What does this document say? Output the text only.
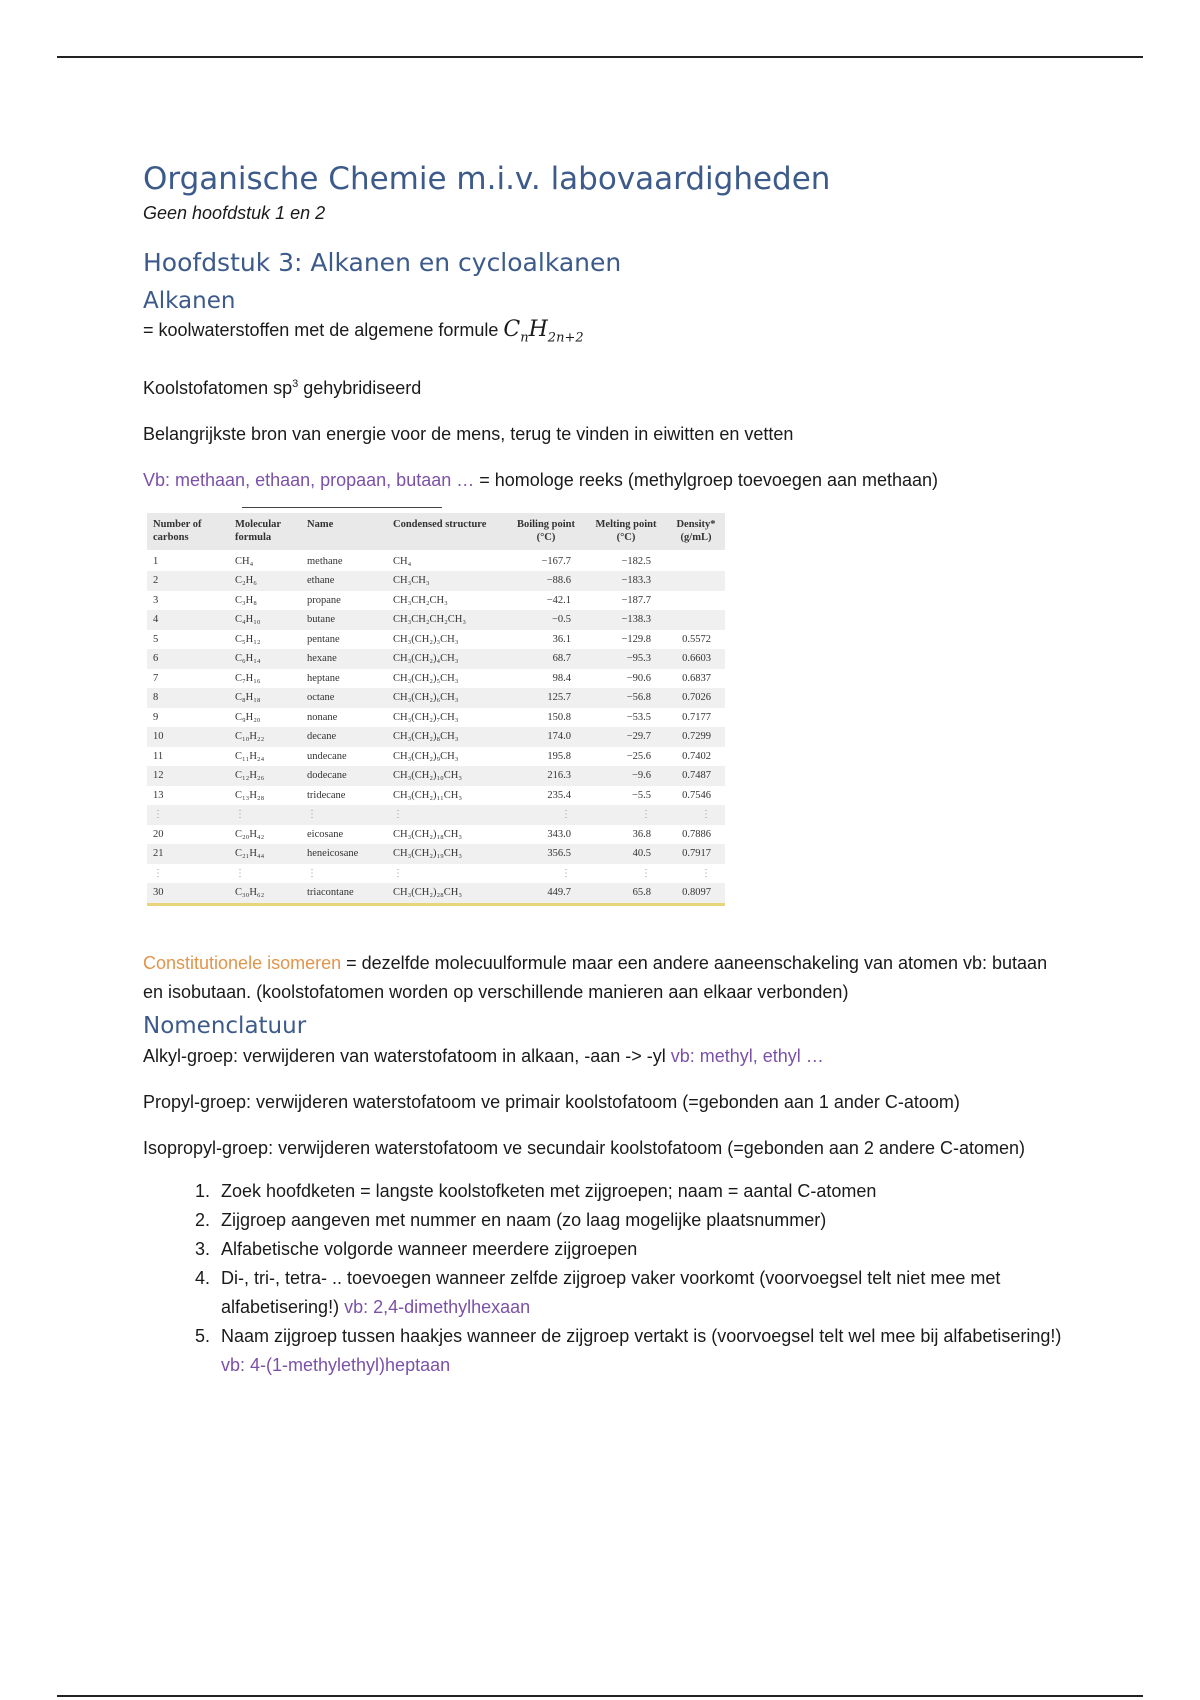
Organische Chemie m.i.v. labovaardigheden
Geen hoofdstuk 1 en 2
Hoofdstuk 3: Alkanen en cycloalkanen
Alkanen

= koolwaterstoffen met de algemene formule $C_nH_{2n+2}$

Koolstofatomen $sp^3$ gehybridiseerd

Belangrijkste bron van energie voor de mens, terug te vinden in eiwitten en vetten

Vb: methaan, ethaan, propaan, butaan … = homologe reeks (methylgroep toevoegen aan methaan)

Number of carbons	Molecular formula	Name	Condensed structure	Boiling point (°C)	Melting point (°C)	Density* (g/mL)
1	CH₄	methane	CH₄	−167.7	−182.5	
2	C₂H₆	ethane	CH₃CH₃	−88.6	−183.3	
3	C₃H₈	propane	CH₃CH₂CH₃	−42.1	−187.7	
4	C₄H₁₀	butane	CH₃CH₂CH₂CH₃	−0.5	−138.3	
5	C₅H₁₂	pentane	CH₃(CH₂)₃CH₃	36.1	−129.8	0.5572
6	C₆H₁₄	hexane	CH₃(CH₂)₄CH₃	68.7	−95.3	0.6603
7	C₇H₁₆	heptane	CH₃(CH₂)₅CH₃	98.4	−90.6	0.6837
8	C₈H₁₈	octane	CH₃(CH₂)₆CH₃	125.7	−56.8	0.7026
9	C₉H₂₀	nonane	CH₃(CH₂)₇CH₃	150.8	−53.5	0.7177
10	C₁₀H₂₂	decane	CH₃(CH₂)₈CH₃	174.0	−29.7	0.7299
11	C₁₁H₂₄	undecane	CH₃(CH₂)₉CH₃	195.8	−25.6	0.7402
12	C₁₂H₂₆	dodecane	CH₃(CH₂)₁₀CH₃	216.3	−9.6	0.7487
13	C₁₃H₂₈	tridecane	CH₃(CH₂)₁₁CH₃	235.4	−5.5	0.7546
⋮	⋮	⋮	⋮	⋮	⋮	⋮
20	C₂₀H₄₂	eicosane	CH₃(CH₂)₁₈CH₃	343.0	36.8	0.7886
21	C₂₁H₄₄	heneicosane	CH₃(CH₂)₁₉CH₃	356.5	40.5	0.7917
⋮	⋮	⋮	⋮	⋮	⋮	⋮
30	C₃₀H₆₂	triacontane	CH₃(CH₂)₂₈CH₃	449.7	65.8	0.8097

Constitutionele isomeren = dezelfde molecuulformule maar een andere aaneenschakeling van atomen vb: butaan en isobutaan. (koolstofatomen worden op verschillende manieren aan elkaar verbonden)

Nomenclatuur

Alkyl-groep: verwijderen van waterstofatoom in alkaan, -aan -> -yl vb: methyl, ethyl …

Propyl-groep: verwijderen waterstofatoom ve primair koolstofatoom (=gebonden aan 1 ander C-atoom)

Isopropyl-groep: verwijderen waterstofatoom ve secundair koolstofatoom (=gebonden aan 2 andere C-atomen)

1. Zoek hoofdketen = langste koolstofketen met zijgroepen; naam = aantal C-atomen
2. Zijgroep aangeven met nummer en naam (zo laag mogelijke plaatsnummer)
3. Alfabetische volgorde wanneer meerdere zijgroepen
4. Di-, tri-, tetra- .. toevoegen wanneer zelfde zijgroep vaker voorkomt (voorvoegsel telt niet mee met alfabetisering!) vb: 2,4-dimethylhexaan
5. Naam zijgroep tussen haakjes wanneer de zijgroep vertakt is (voorvoegsel telt wel mee bij alfabetisering!) vb: 4-(1-methylethyl)heptaan
